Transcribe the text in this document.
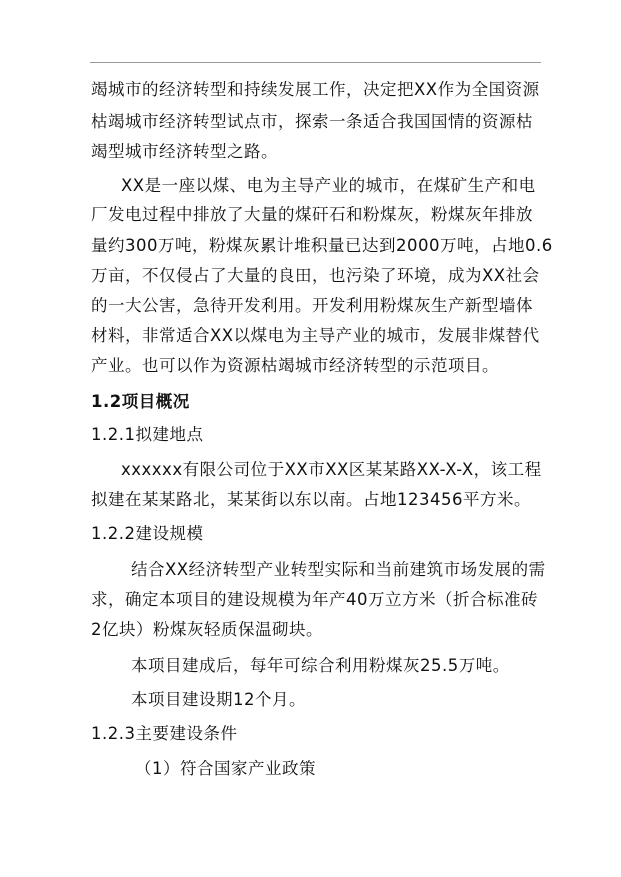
竭城市的经济转型和持续发展工作，决定把XX作为全国资源
枯竭城市经济转型试点市，探索一条适合我国国情的资源枯
竭型城市经济转型之路。
XX是一座以煤、电为主导产业的城市，在煤矿生产和电
厂发电过程中排放了大量的煤矸石和粉煤灰，粉煤灰年排放
量约300万吨，粉煤灰累计堆积量已达到2000万吨，占地0.6
万亩，不仅侵占了大量的良田，也污染了环境，成为XX社会
的一大公害，急待开发利用。开发利用粉煤灰生产新型墙体
材料，非常适合XX以煤电为主导产业的城市，发展非煤替代
产业。也可以作为资源枯竭城市经济转型的示范项目。
1.2项目概况
1.2.1拟建地点
xxxxxx有限公司位于XX市XX区某某路XX-X-X，该工程
拟建在某某路北，某某街以东以南。占地123456平方米。
1.2.2建设规模
结合XX经济转型产业转型实际和当前建筑市场发展的需
求，确定本项目的建设规模为年产40万立方米（折合标准砖
2亿块）粉煤灰轻质保温砌块。
本项目建成后，每年可综合利用粉煤灰25.5万吨。
本项目建设期12个月。
1.2.3主要建设条件
（1）符合国家产业政策
